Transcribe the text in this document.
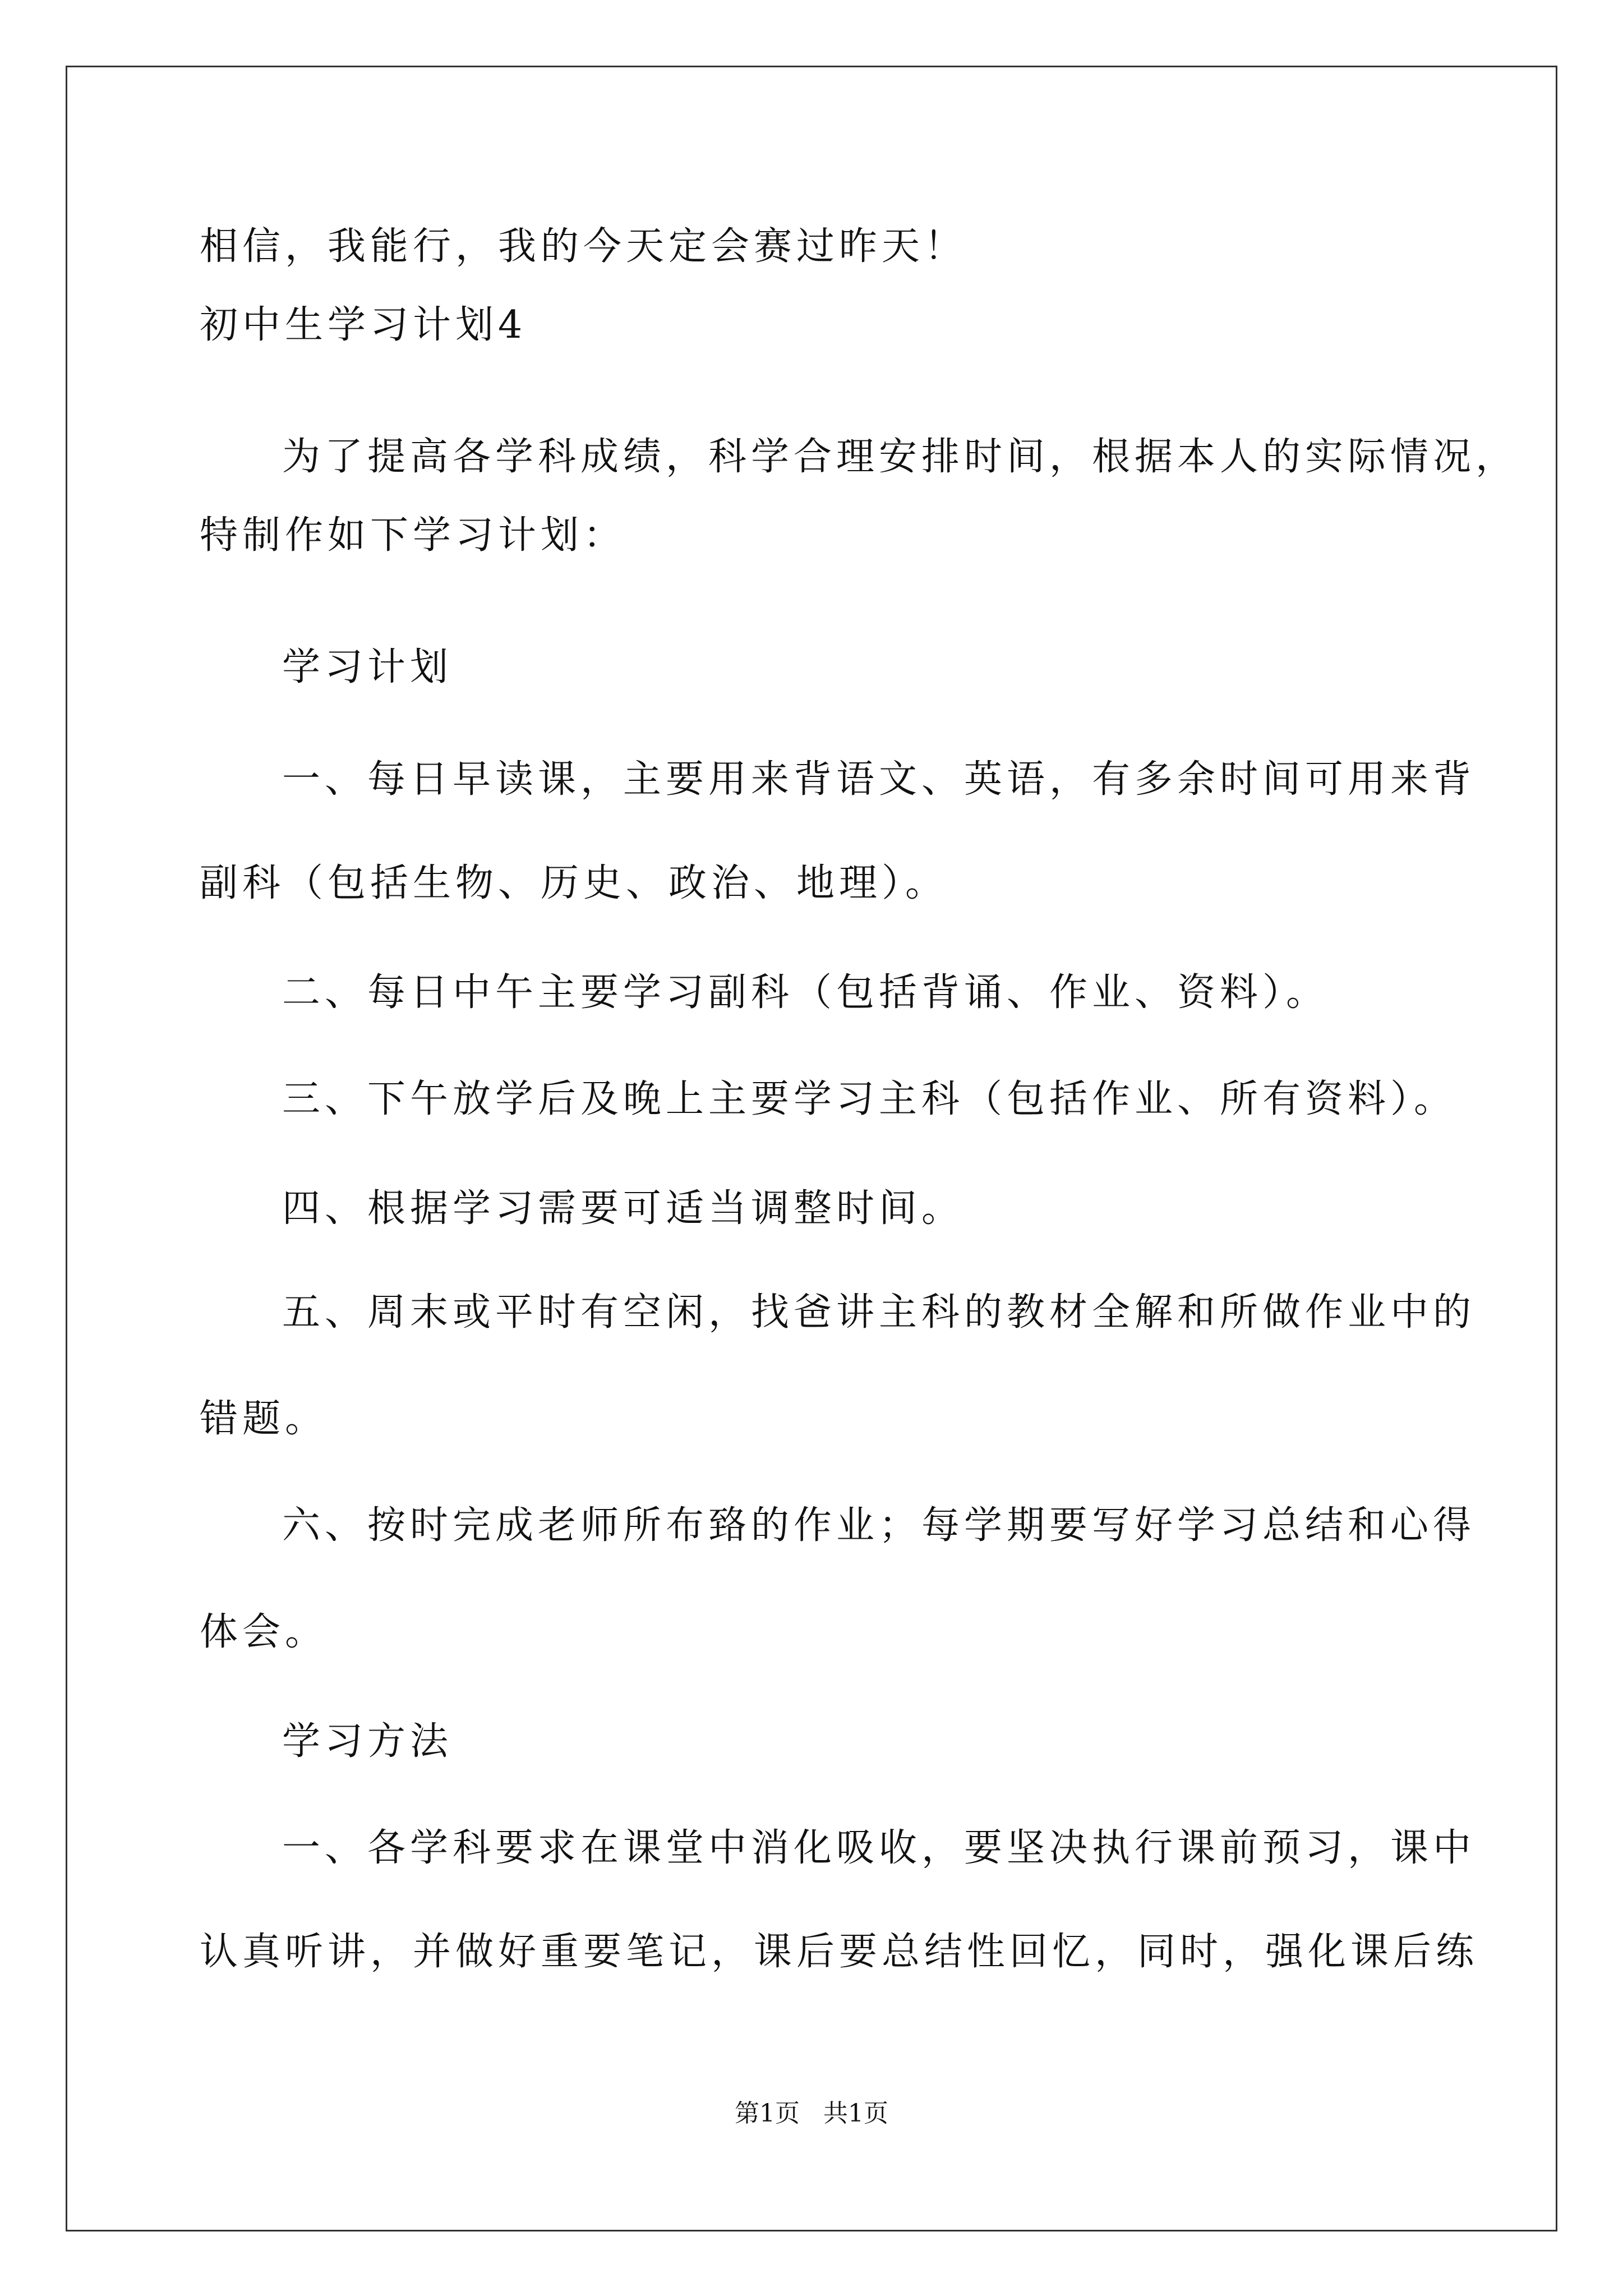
相信，我能行，我的今天定会赛过昨天！
初中生学习计划4
为了提高各学科成绩，科学合理安排时间，根据本人的实际情况，
特制作如下学习计划：
学习计划
一、每日早读课，主要用来背语文、英语，有多余时间可用来背
副科（包括生物、历史、政治、地理）。
二、每日中午主要学习副科（包括背诵、作业、资料）。
三、下午放学后及晚上主要学习主科（包括作业、所有资料）。
四、根据学习需要可适当调整时间。
五、周末或平时有空闲，找爸讲主科的教材全解和所做作业中的
错题。
六、按时完成老师所布臵的作业；每学期要写好学习总结和心得
体会。
学习方法
一、各学科要求在课堂中消化吸收，要坚决执行课前预习，课中
认真听讲，并做好重要笔记，课后要总结性回忆，同时，强化课后练
第1页   共1页
